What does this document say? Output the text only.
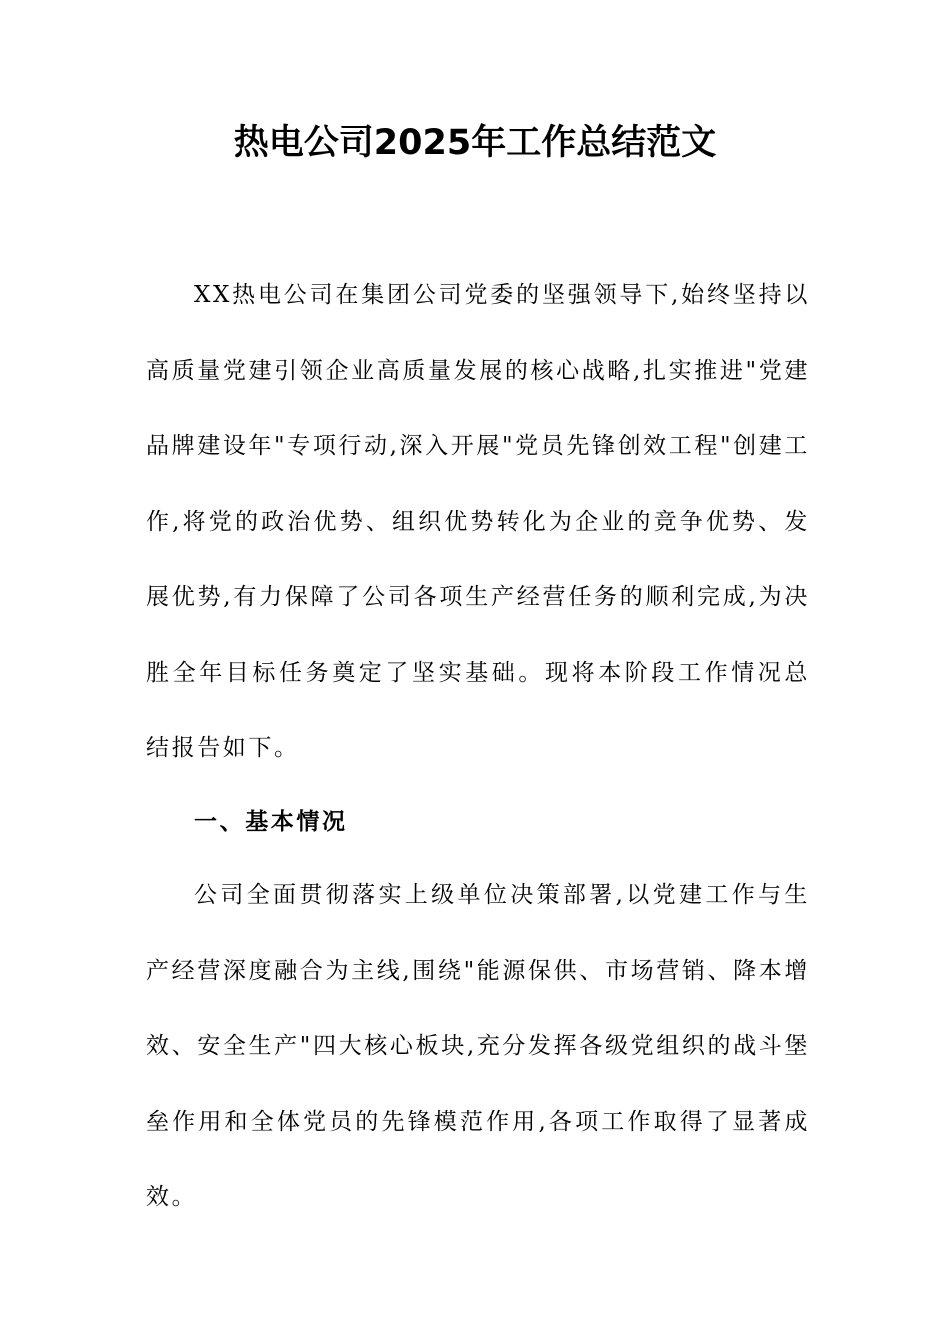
热电公司2025年工作总结范文

XX热电公司在集团公司党委的坚强领导下,始终坚持以高质量党建引领企业高质量发展的核心战略,扎实推进"党建品牌建设年"专项行动,深入开展"党员先锋创效工程"创建工作,将党的政治优势、组织优势转化为企业的竞争优势、发展优势,有力保障了公司各项生产经营任务的顺利完成,为决胜全年目标任务奠定了坚实基础。现将本阶段工作情况总结报告如下。

一、基本情况

公司全面贯彻落实上级单位决策部署,以党建工作与生产经营深度融合为主线,围绕"能源保供、市场营销、降本增效、安全生产"四大核心板块,充分发挥各级党组织的战斗堡垒作用和全体党员的先锋模范作用,各项工作取得了显著成效。
